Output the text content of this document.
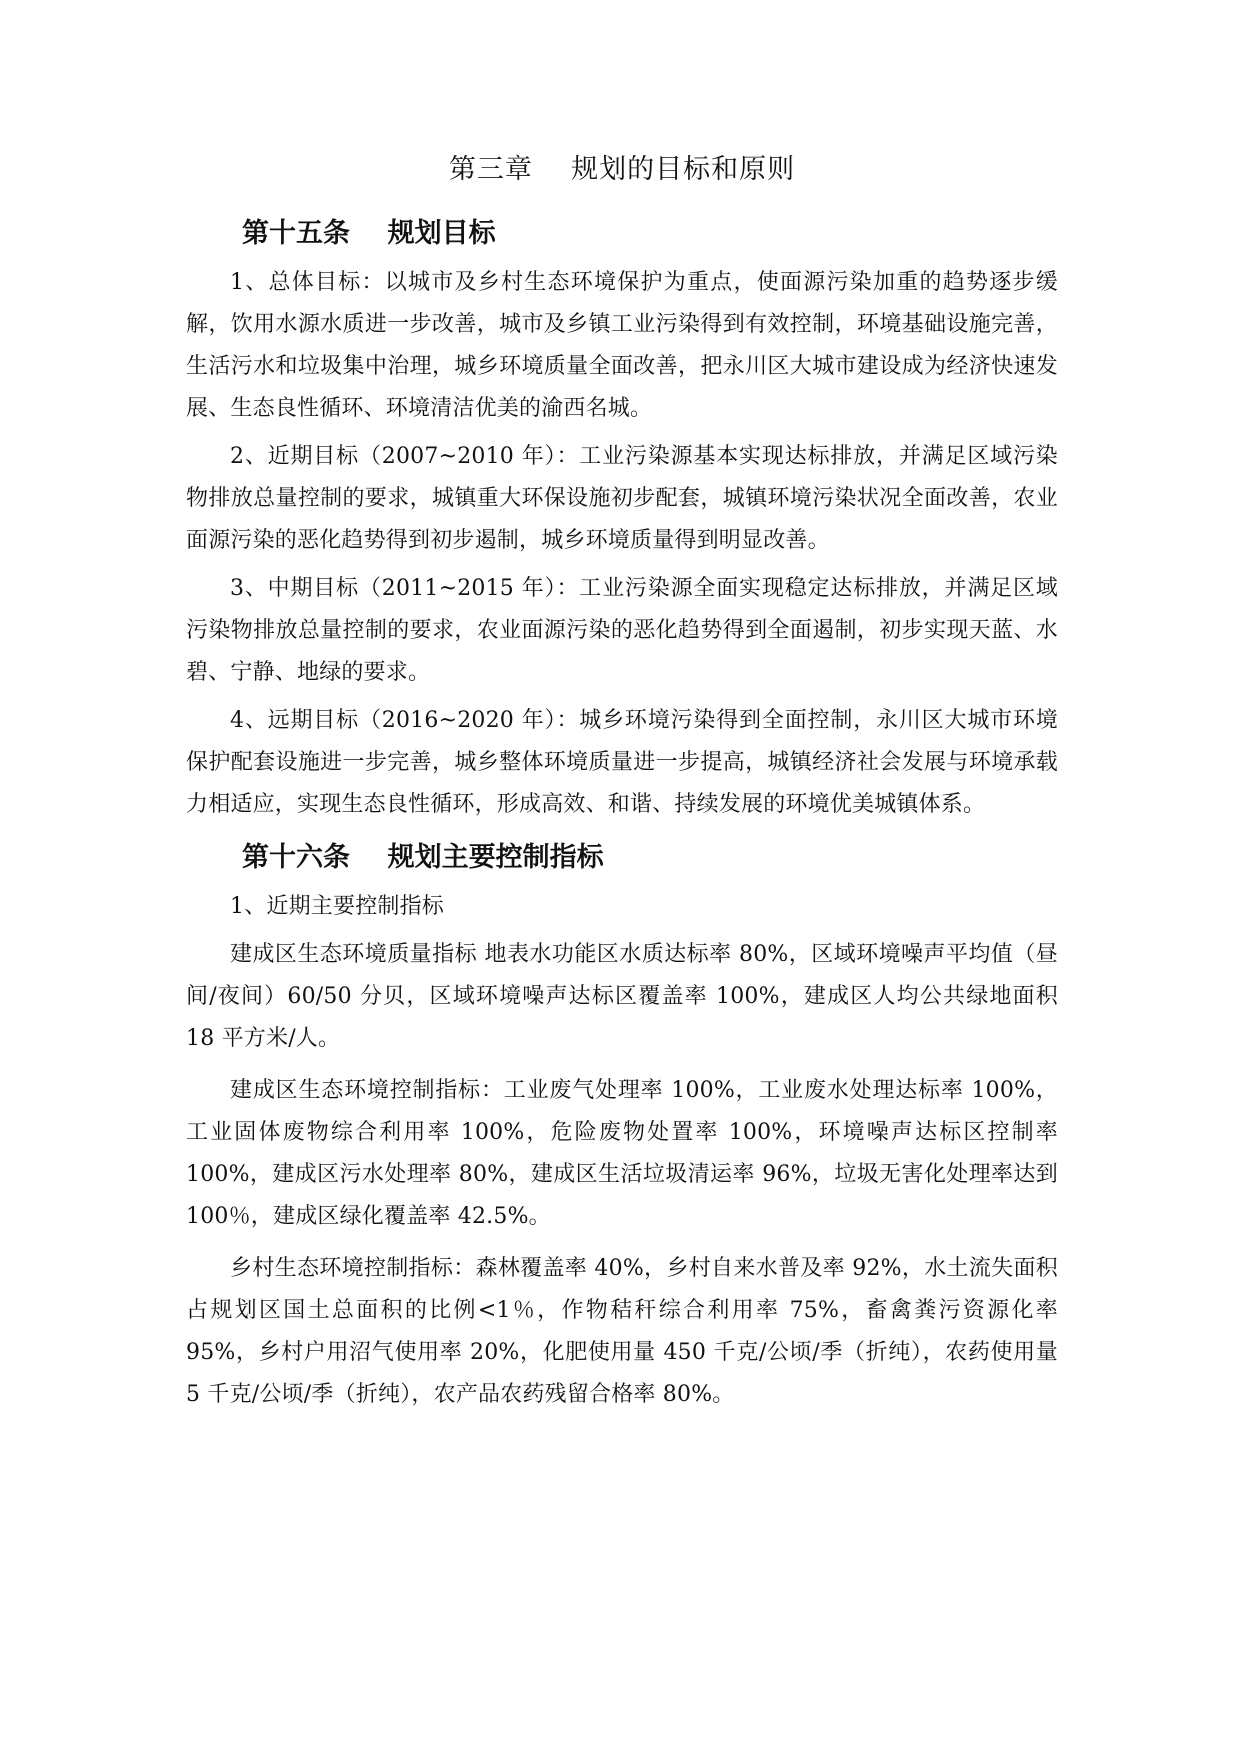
第三章    规划的目标和原则
第十五条 规划目标

1、总体目标：以城市及乡村生态环境保护为重点，使面源污染加重的趋势逐步缓解，饮用水源水质进一步改善，城市及乡镇工业污染得到有效控制，环境基础设施完善，生活污水和垃圾集中治理，城乡环境质量全面改善，把永川区大城市建设成为经济快速发展、生态良性循环、环境清洁优美的渝西名城。

2、近期目标（2007~2010 年）：工业污染源基本实现达标排放，并满足区域污染物排放总量控制的要求，城镇重大环保设施初步配套，城镇环境污染状况全面改善，农业面源污染的恶化趋势得到初步遏制，城乡环境质量得到明显改善。

3、中期目标（2011~2015 年）：工业污染源全面实现稳定达标排放，并满足区域污染物排放总量控制的要求，农业面源污染的恶化趋势得到全面遏制，初步实现天蓝、水碧、宁静、地绿的要求。

4、远期目标（2016~2020 年）：城乡环境污染得到全面控制，永川区大城市环境保护配套设施进一步完善，城乡整体环境质量进一步提高，城镇经济社会发展与环境承载力相适应，实现生态良性循环，形成高效、和谐、持续发展的环境优美城镇体系。

第十六条 规划主要控制指标

1、近期主要控制指标

建成区生态环境质量指标 地表水功能区水质达标率 80%，区域环境噪声平均值（昼间/夜间）60/50 分贝，区域环境噪声达标区覆盖率 100%，建成区人均公共绿地面积 18 平方米/人。

建成区生态环境控制指标：工业废气处理率 100%，工业废水处理达标率 100%，工业固体废物综合利用率 100%，危险废物处置率 100%，环境噪声达标区控制率 100%，建成区污水处理率 80%，建成区生活垃圾清运率 96%，垃圾无害化处理率达到 100％，建成区绿化覆盖率 42.5%。

乡村生态环境控制指标：森林覆盖率 40%，乡村自来水普及率 92%，水土流失面积占规划区国土总面积的比例<1％，作物秸秆综合利用率 75%，畜禽粪污资源化率 95%，乡村户用沼气使用率 20%，化肥使用量 450 千克/公顷/季（折纯），农药使用量 5 千克/公顷/季（折纯），农产品农药残留合格率 80%。
